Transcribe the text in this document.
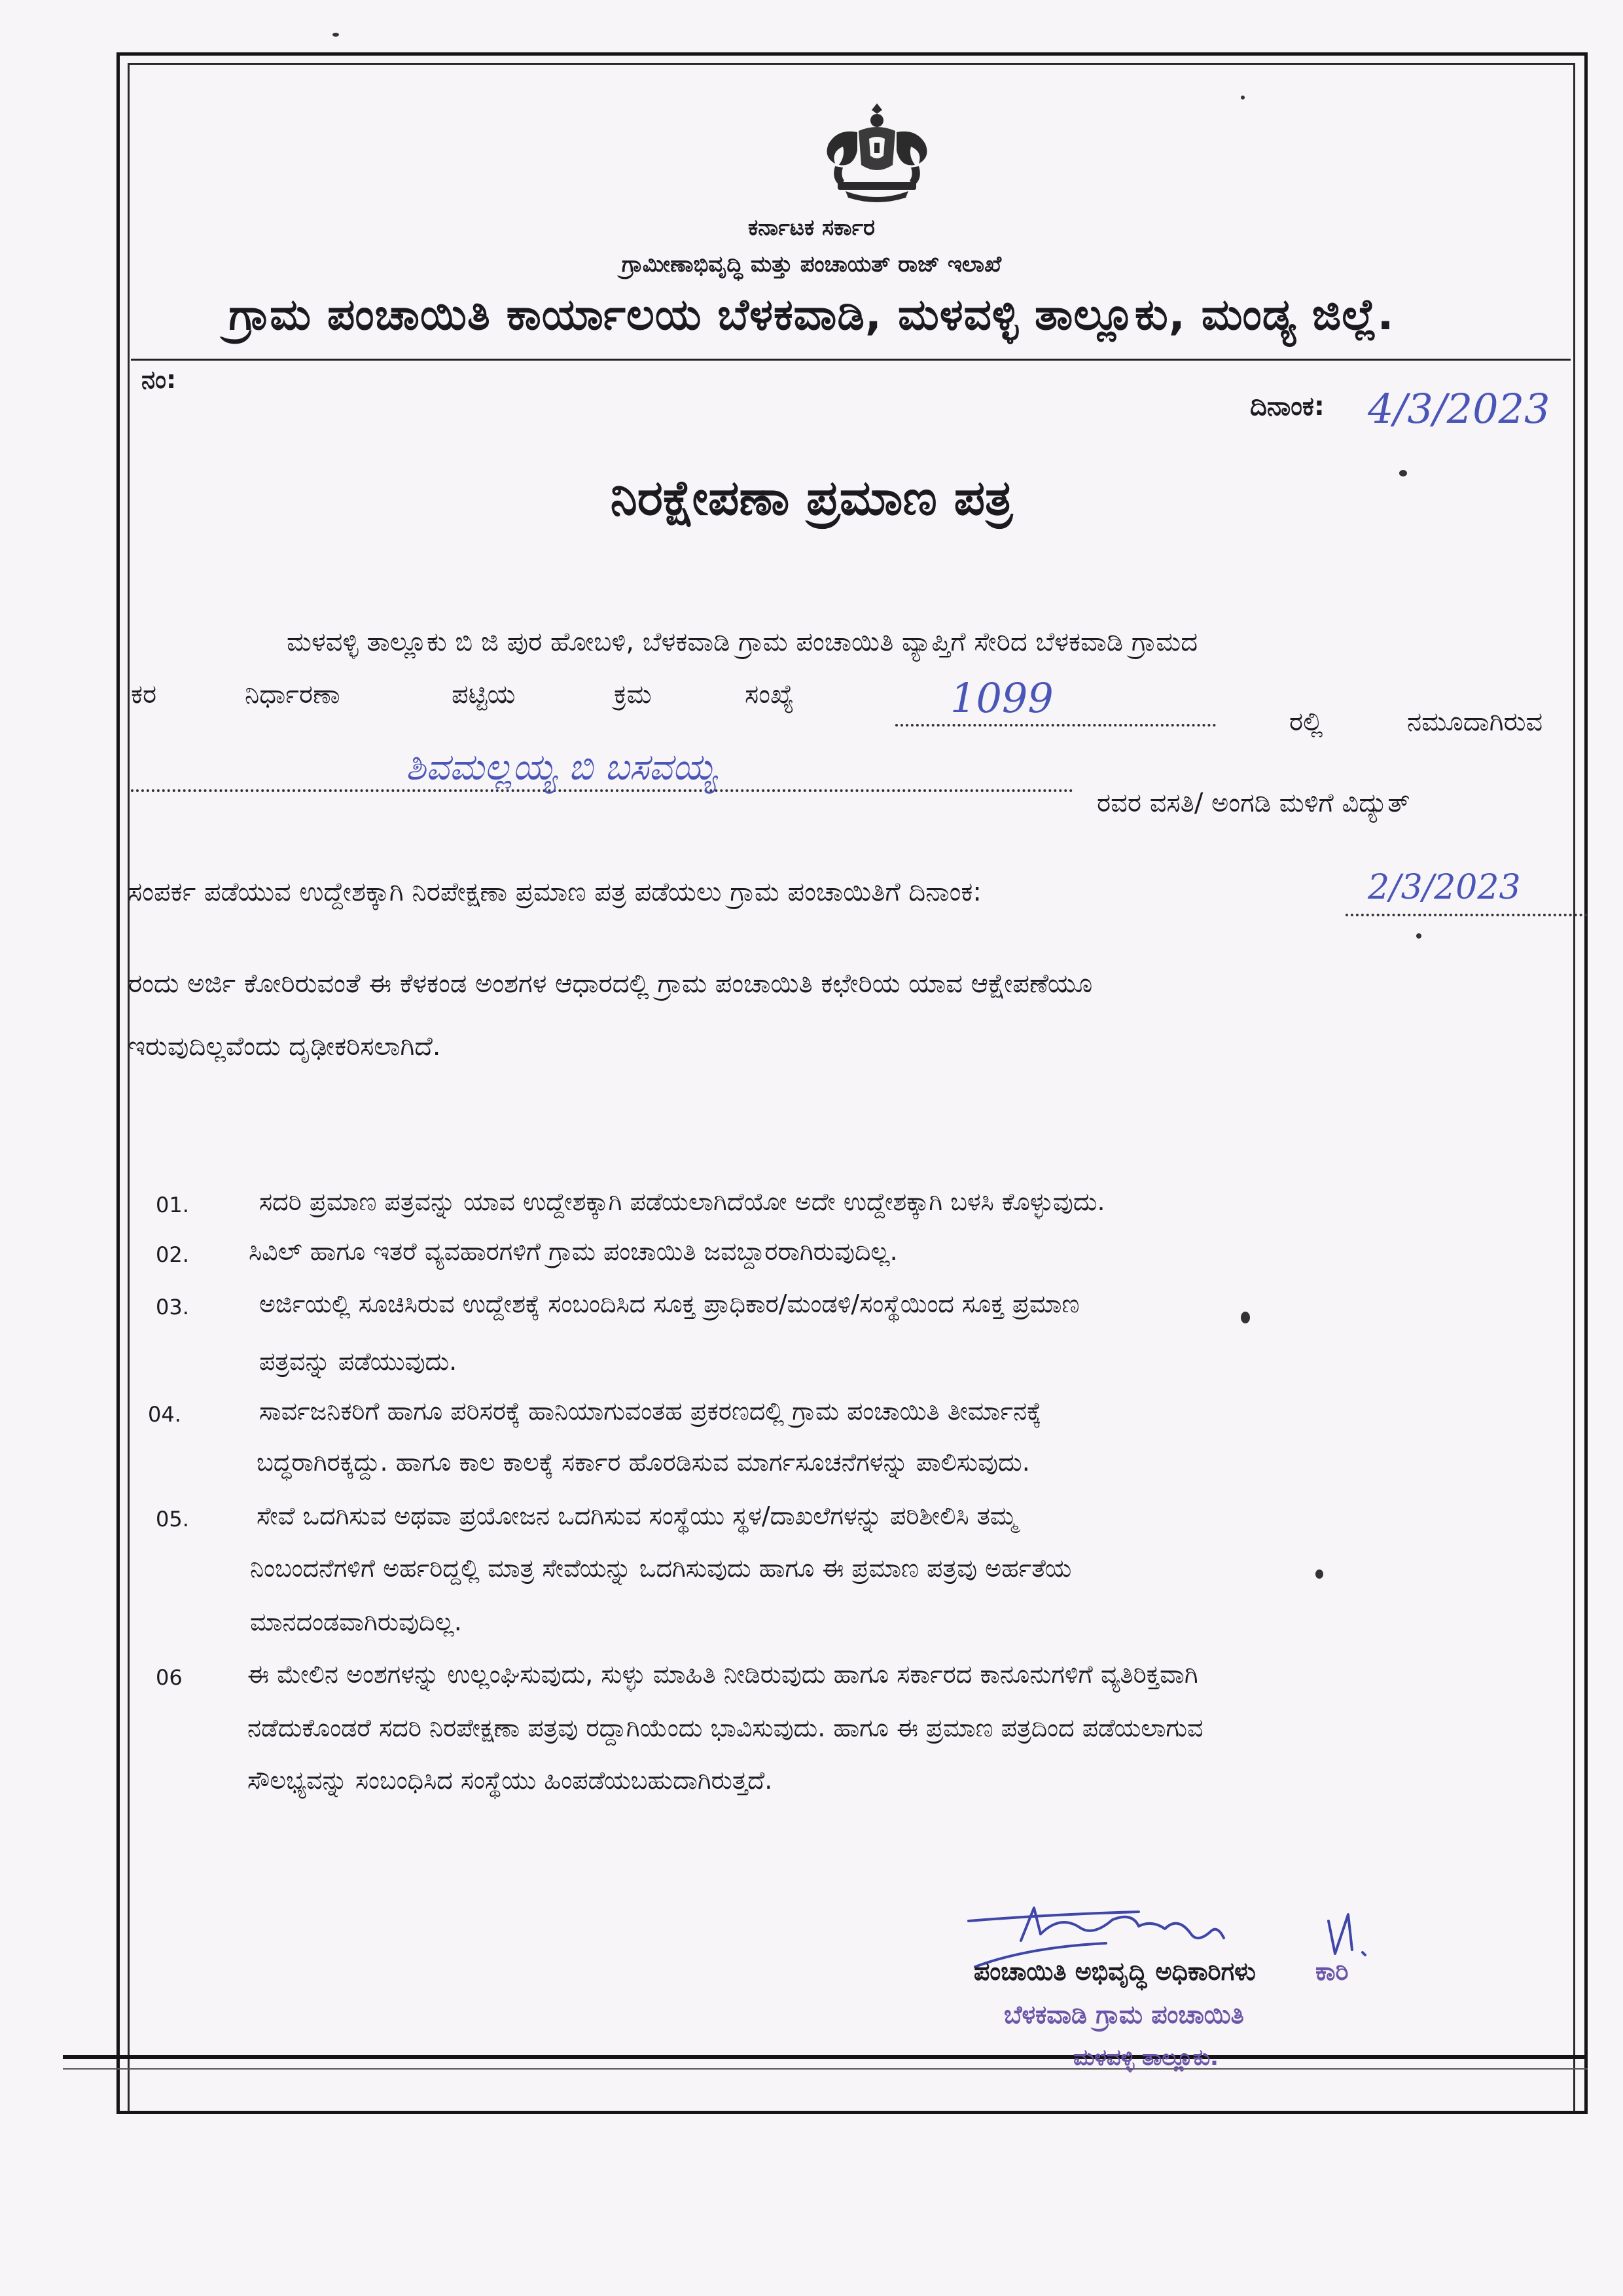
ಕರ್ನಾಟಕ ಸರ್ಕಾರ
ಗ್ರಾಮೀಣಾಭಿವೃದ್ಧಿ ಮತ್ತು ಪಂಚಾಯತ್ ರಾಜ್ ಇಲಾಖೆ
ಗ್ರಾಮ ಪಂಚಾಯಿತಿ ಕಾರ್ಯಾಲಯ ಬೆಳಕವಾಡಿ, ಮಳವಳ್ಳಿ ತಾಲ್ಲೂಕು, ಮಂಡ್ಯ ಜಿಲ್ಲೆ.
ನಂ:
ದಿನಾಂಕ: 4/3/2023
ನಿರಕ್ಷೇಪಣಾ ಪ್ರಮಾಣ ಪತ್ರ
ಮಳವಳ್ಳಿ ತಾಲ್ಲೂಕು ಬಿ ಜಿ ಪುರ ಹೋಬಳಿ, ಬೆಳಕವಾಡಿ ಗ್ರಾಮ ಪಂಚಾಯಿತಿ ವ್ಯಾಪ್ತಿಗೆ ಸೇರಿದ ಬೆಳಕವಾಡಿ ಗ್ರಾಮದ
ಕರ	ನಿರ್ಧಾರಣಾ	ಪಟ್ಟಿಯ	ಕ್ರಮ	ಸಂಖ್ಯೆ	1099	ರಲ್ಲಿ	ನಮೂದಾಗಿರುವ
ಶಿವಮಲ್ಲಯ್ಯ ಬಿ ಬಸವಯ್ಯ
ರವರ ವಸತಿ/ ಅಂಗಡಿ ಮಳಿಗೆ ವಿದ್ಯುತ್
ಸಂಪರ್ಕ ಪಡೆಯುವ ಉದ್ದೇಶಕ್ಕಾಗಿ ನಿರಪೇಕ್ಷಣಾ ಪ್ರಮಾಣ ಪತ್ರ ಪಡೆಯಲು ಗ್ರಾಮ ಪಂಚಾಯಿತಿಗೆ ದಿನಾಂಕ:	2/3/2023
ರಂದು ಅರ್ಜಿ ಕೋರಿರುವಂತೆ ಈ ಕೆಳಕಂಡ ಅಂಶಗಳ ಆಧಾರದಲ್ಲಿ ಗ್ರಾಮ ಪಂಚಾಯಿತಿ ಕಛೇರಿಯ ಯಾವ ಆಕ್ಷೇಪಣೆಯೂ
ಇರುವುದಿಲ್ಲವೆಂದು ದೃಢೀಕರಿಸಲಾಗಿದೆ.
01.	ಸದರಿ ಪ್ರಮಾಣ ಪತ್ರವನ್ನು ಯಾವ ಉದ್ದೇಶಕ್ಕಾಗಿ ಪಡೆಯಲಾಗಿದೆಯೋ ಅದೇ ಉದ್ದೇಶಕ್ಕಾಗಿ ಬಳಸಿ ಕೊಳ್ಳುವುದು.
02. ಸಿವಿಲ್ ಹಾಗೂ ಇತರೆ ವ್ಯವಹಾರಗಳಿಗೆ ಗ್ರಾಮ ಪಂಚಾಯಿತಿ ಜವಬ್ದಾರರಾಗಿರುವುದಿಲ್ಲ.
03.	ಅರ್ಜಿಯಲ್ಲಿ ಸೂಚಿಸಿರುವ ಉದ್ದೇಶಕ್ಕೆ ಸಂಬಂದಿಸಿದ ಸೂಕ್ತ ಪ್ರಾಧಿಕಾರ/ಮಂಡಳಿ/ಸಂಸ್ಥೆಯಿಂದ ಸೂಕ್ತ ಪ್ರಮಾಣ
ಪತ್ರವನ್ನು ಪಡೆಯುವುದು.
04.	ಸಾರ್ವಜನಿಕರಿಗೆ ಹಾಗೂ ಪರಿಸರಕ್ಕೆ ಹಾನಿಯಾಗುವಂತಹ ಪ್ರಕರಣದಲ್ಲಿ ಗ್ರಾಮ ಪಂಚಾಯಿತಿ ತೀರ್ಮಾನಕ್ಕೆ
ಬದ್ಧರಾಗಿರಕ್ಕದ್ದು. ಹಾಗೂ ಕಾಲ ಕಾಲಕ್ಕೆ ಸರ್ಕಾರ ಹೊರಡಿಸುವ ಮಾರ್ಗಸೂಚನೆಗಳನ್ನು ಪಾಲಿಸುವುದು.
05.	ಸೇವೆ ಒದಗಿಸುವ ಅಥವಾ ಪ್ರಯೋಜನ ಒದಗಿಸುವ ಸಂಸ್ಥೆಯು ಸ್ಥಳ/ದಾಖಲೆಗಳನ್ನು ಪರಿಶೀಲಿಸಿ ತಮ್ಮ
ನಿಂಬಂದನೆಗಳಿಗೆ ಅರ್ಹರಿದ್ದಲ್ಲಿ ಮಾತ್ರ ಸೇವೆಯನ್ನು ಒದಗಿಸುವುದು ಹಾಗೂ ಈ ಪ್ರಮಾಣ ಪತ್ರವು ಅರ್ಹತೆಯ
ಮಾನದಂಡವಾಗಿರುವುದಿಲ್ಲ.
06	ಈ ಮೇಲಿನ ಅಂಶಗಳನ್ನು ಉಲ್ಲಂಘಿಸುವುದು, ಸುಳ್ಳು ಮಾಹಿತಿ ನೀಡಿರುವುದು ಹಾಗೂ ಸರ್ಕಾರದ ಕಾನೂನುಗಳಿಗೆ ವ್ಯತಿರಿಕ್ತವಾಗಿ
ನಡೆದುಕೊಂಡರೆ ಸದರಿ ನಿರಪೇಕ್ಷಣಾ ಪತ್ರವು ರದ್ದಾಗಿಯೆಂದು ಭಾವಿಸುವುದು. ಹಾಗೂ ಈ ಪ್ರಮಾಣ ಪತ್ರದಿಂದ ಪಡೆಯಲಾಗುವ
ಸೌಲಭ್ಯವನ್ನು ಸಂಬಂಧಿಸಿದ ಸಂಸ್ಥೆಯು ಹಿಂಪಡೆಯಬಹುದಾಗಿರುತ್ತದೆ.
ಪಂಚಾಯಿತಿ ಅಭಿವೃದ್ಧಿ ಅಧಿಕಾರಿಗಳು ಕಾರಿ
ಬೆಳಕವಾಡಿ ಗ್ರಾಮ ಪಂಚಾಯಿತಿ
ಮಳವಳ್ಳಿ ತಾಲ್ಲೂಕು.
